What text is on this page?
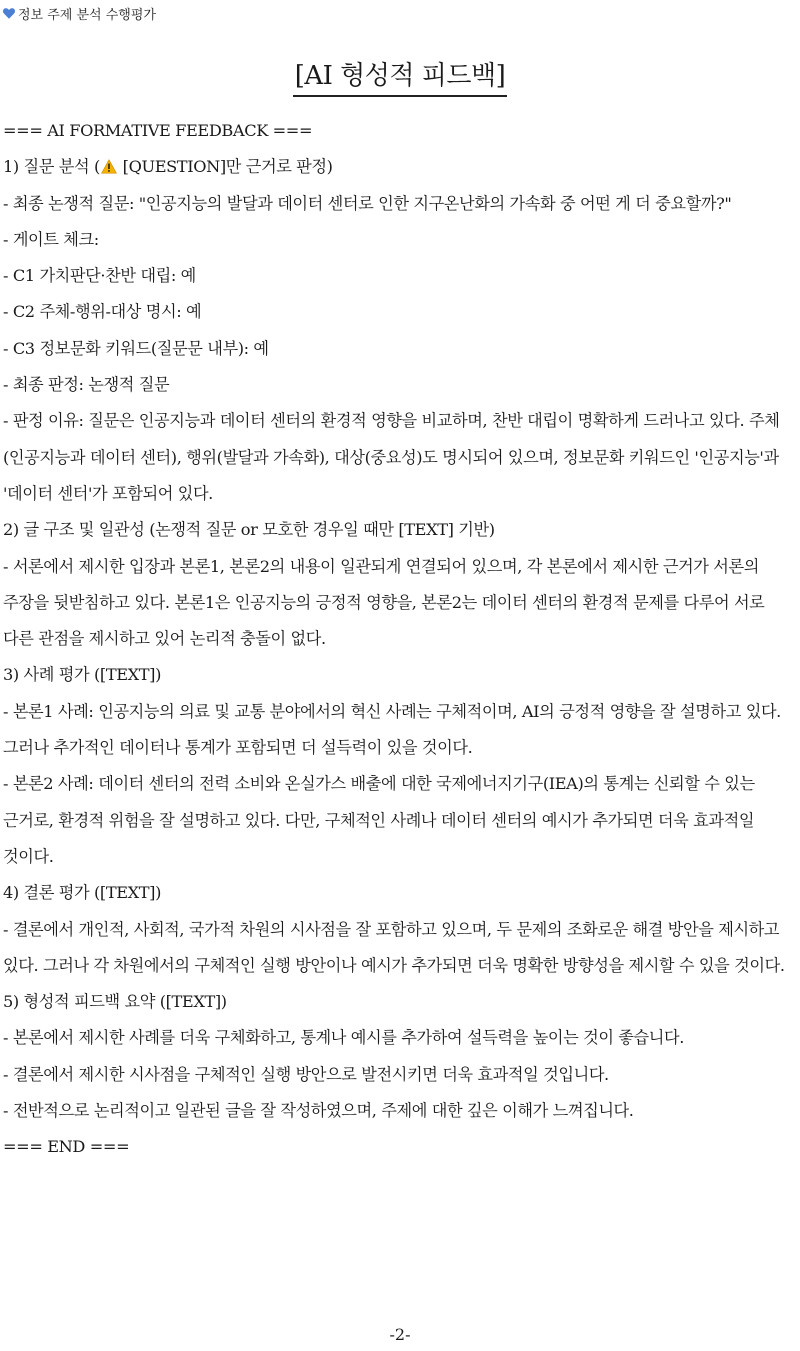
정보 주제 분석 수행평가
[AI 형성적 피드백]

=== AI FORMATIVE FEEDBACK ===

1) 질문 분석 ( [QUESTION]만 근거로 판정)

- 최종 논쟁적 질문: "인공지능의 발달과 데이터 센터로 인한 지구온난화의 가속화 중 어떤 게 더 중요할까?"

- 게이트 체크:

- C1 가치판단·찬반 대립: 예

- C2 주체-행위-대상 명시: 예

- C3 정보문화 키워드(질문문 내부): 예

- 최종 판정: 논쟁적 질문

- 판정 이유: 질문은 인공지능과 데이터 센터의 환경적 영향을 비교하며, 찬반 대립이 명확하게 드러나고 있다. 주체(인공지능과 데이터 센터), 행위(발달과 가속화), 대상(중요성)도 명시되어 있으며, 정보문화 키워드인 '인공지능'과 '데이터 센터'가 포함되어 있다.

2) 글 구조 및 일관성 (논쟁적 질문 or 모호한 경우일 때만 [TEXT] 기반)

- 서론에서 제시한 입장과 본론1, 본론2의 내용이 일관되게 연결되어 있으며, 각 본론에서 제시한 근거가 서론의 주장을 뒷받침하고 있다. 본론1은 인공지능의 긍정적 영향을, 본론2는 데이터 센터의 환경적 문제를 다루어 서로 다른 관점을 제시하고 있어 논리적 충돌이 없다.

3) 사례 평가 ([TEXT])

- 본론1 사례: 인공지능의 의료 및 교통 분야에서의 혁신 사례는 구체적이며, AI의 긍정적 영향을 잘 설명하고 있다. 그러나 추가적인 데이터나 통계가 포함되면 더 설득력이 있을 것이다.

- 본론2 사례: 데이터 센터의 전력 소비와 온실가스 배출에 대한 국제에너지기구(IEA)의 통계는 신뢰할 수 있는 근거로, 환경적 위험을 잘 설명하고 있다. 다만, 구체적인 사례나 데이터 센터의 예시가 추가되면 더욱 효과적일 것이다.

4) 결론 평가 ([TEXT])

- 결론에서 개인적, 사회적, 국가적 차원의 시사점을 잘 포함하고 있으며, 두 문제의 조화로운 해결 방안을 제시하고 있다. 그러나 각 차원에서의 구체적인 실행 방안이나 예시가 추가되면 더욱 명확한 방향성을 제시할 수 있을 것이다.

5) 형성적 피드백 요약 ([TEXT])

- 본론에서 제시한 사례를 더욱 구체화하고, 통계나 예시를 추가하여 설득력을 높이는 것이 좋습니다.

- 결론에서 제시한 시사점을 구체적인 실행 방안으로 발전시키면 더욱 효과적일 것입니다.

- 전반적으로 논리적이고 일관된 글을 잘 작성하였으며, 주제에 대한 깊은 이해가 느껴집니다.

=== END ===

-2-
